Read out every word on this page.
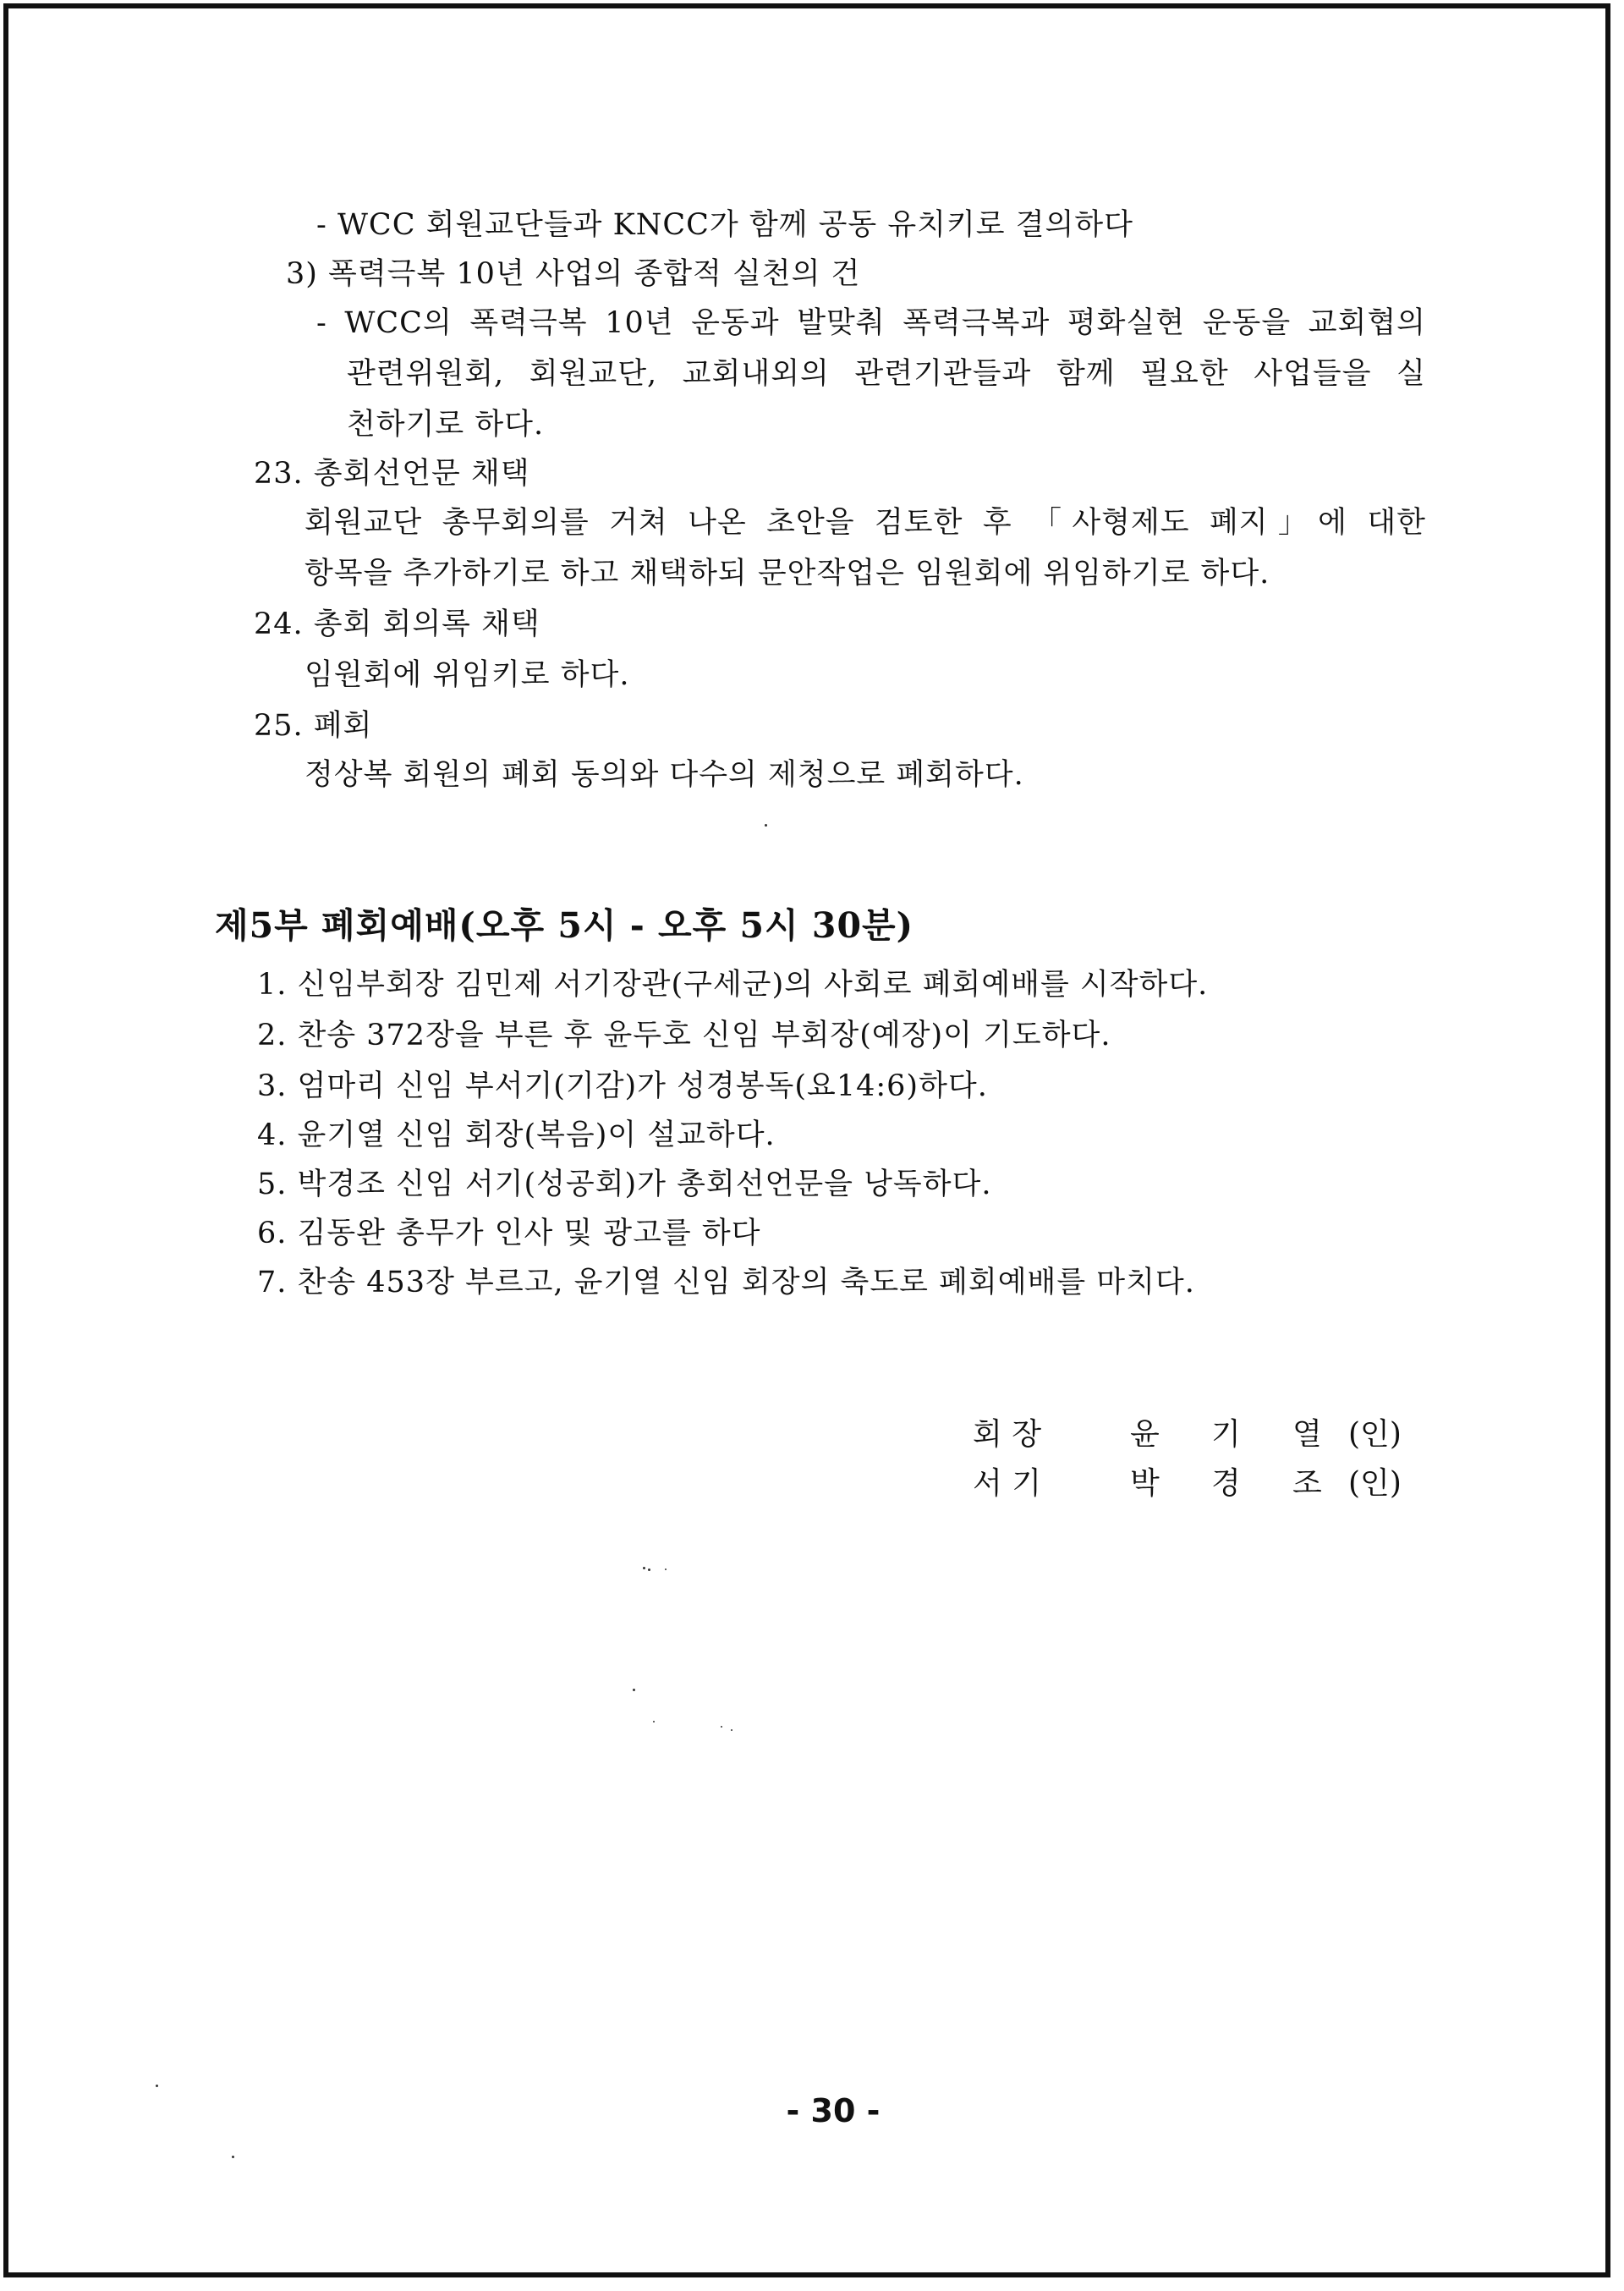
- WCC 회원교단들과 KNCC가 함께 공동 유치키로 결의하다
3) 폭력극복 10년 사업의 종합적 실천의 건
- WCC의 폭력극복 10년 운동과 발맞춰 폭력극복과 평화실현 운동을 교회협의
관련위원회, 회원교단, 교회내외의 관련기관들과 함께 필요한 사업들을 실
천하기로 하다.
23. 총회선언문 채택
회원교단 총무회의를 거쳐 나온 초안을 검토한 후 「사형제도 폐지」에 대한
항목을 추가하기로 하고 채택하되 문안작업은 임원회에 위임하기로 하다.
24. 총회 회의록 채택
임원회에 위임키로 하다.
25. 폐회
정상복 회원의 폐회 동의와 다수의 제청으로 폐회하다.
제5부 폐회예배(오후 5시 - 오후 5시 30분)
1. 신임부회장 김민제 서기장관(구세군)의 사회로 폐회예배를 시작하다.
2. 찬송 372장을 부른 후 윤두호 신임 부회장(예장)이 기도하다.
3. 엄마리 신임 부서기(기감)가 성경봉독(요14:6)하다.
4. 윤기열 신임 회장(복음)이 설교하다.
5. 박경조 신임 서기(성공회)가 총회선언문을 낭독하다.
6. 김동완 총무가 인사 및 광고를 하다
7. 찬송 453장 부르고, 윤기열 신임 회장의 축도로 폐회예배를 마치다.
회 장	윤 기 열 (인)
서 기	박 경 조 (인)
- 30 -
